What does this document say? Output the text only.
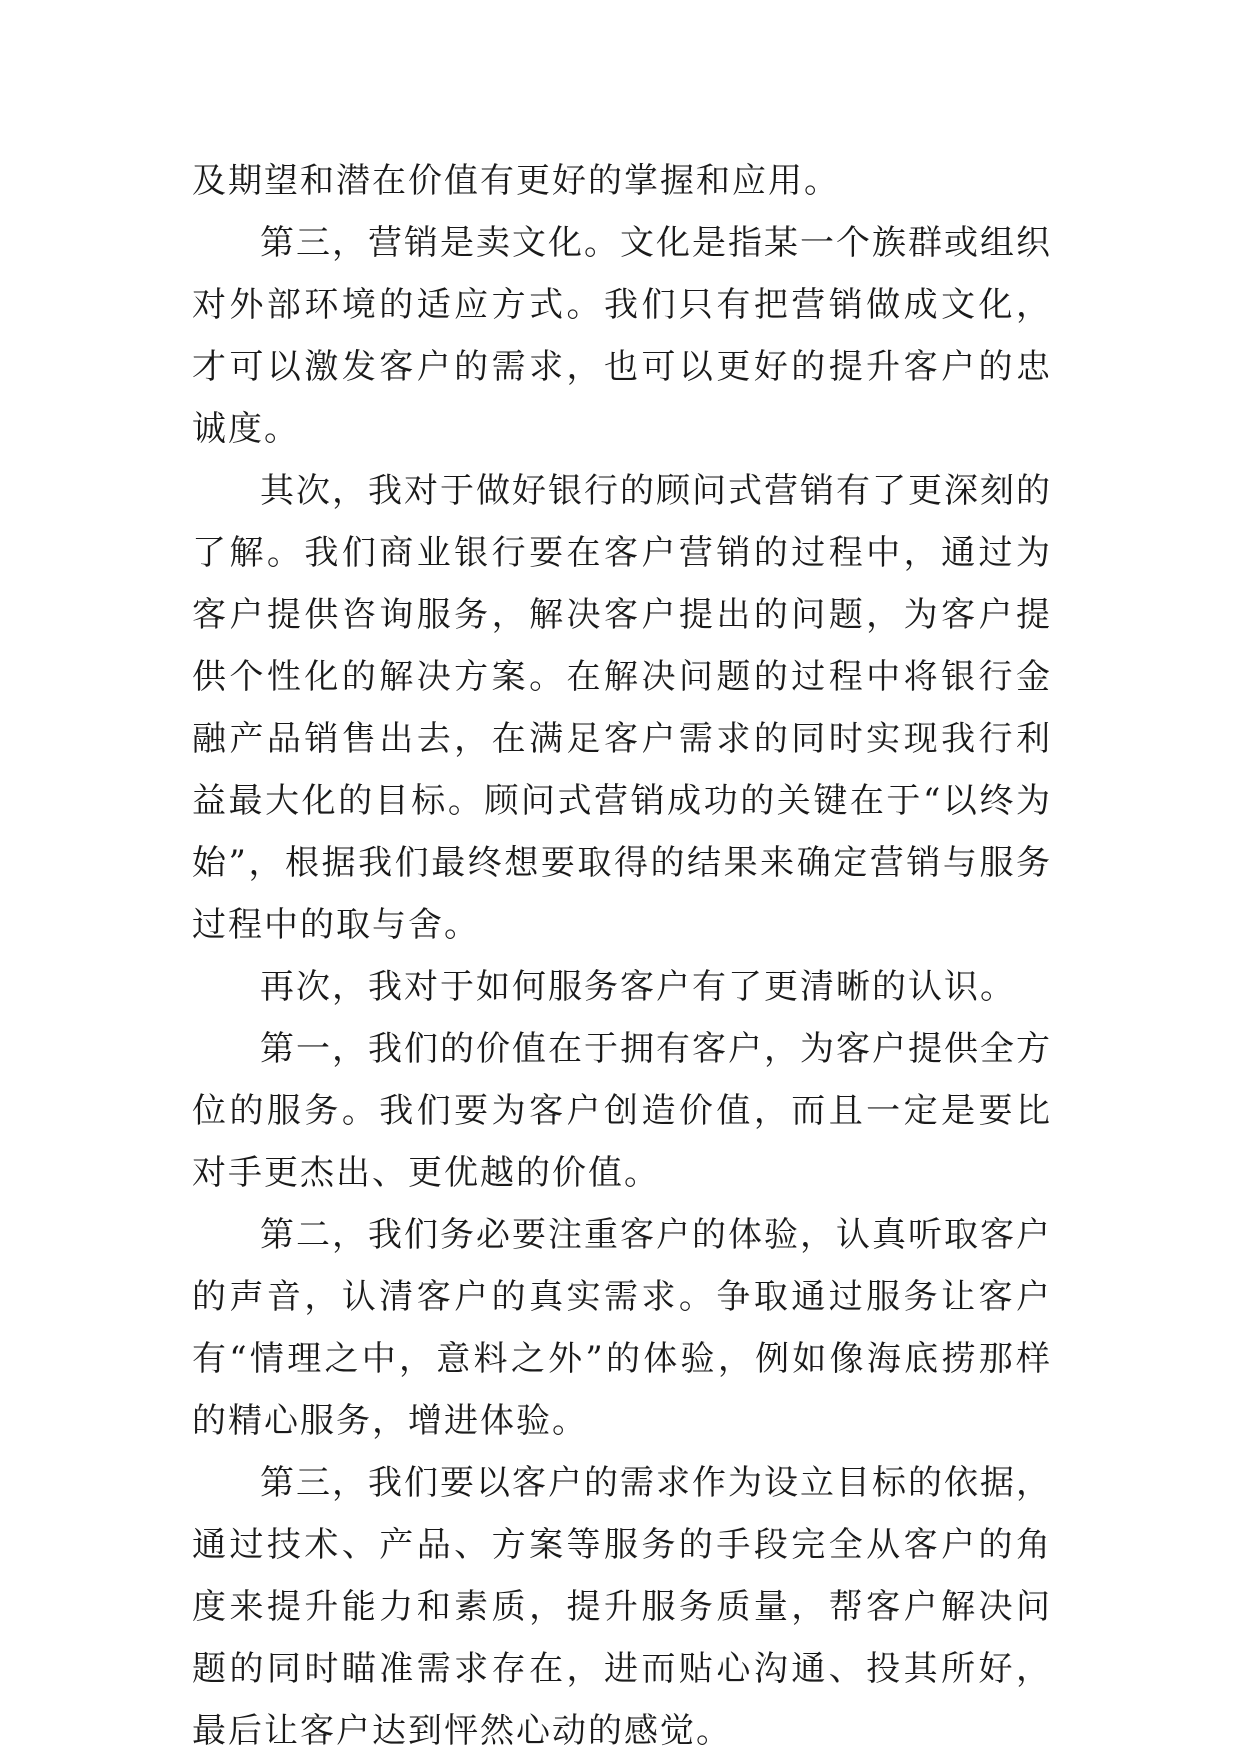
及期望和潜在价值有更好的掌握和应用。

第三，营销是卖文化。文化是指某一个族群或组织对外部环境的适应方式。我们只有把营销做成文化，才可以激发客户的需求，也可以更好的提升客户的忠诚度。

其次，我对于做好银行的顾问式营销有了更深刻的了解。我们商业银行要在客户营销的过程中，通过为客户提供咨询服务，解决客户提出的问题，为客户提供个性化的解决方案。在解决问题的过程中将银行金融产品销售出去，在满足客户需求的同时实现我行利益最大化的目标。顾问式营销成功的关键在于“以终为始”，根据我们最终想要取得的结果来确定营销与服务过程中的取与舍。

再次，我对于如何服务客户有了更清晰的认识。

第一，我们的价值在于拥有客户，为客户提供全方位的服务。我们要为客户创造价值，而且一定是要比对手更杰出、更优越的价值。

第二，我们务必要注重客户的体验，认真听取客户的声音，认清客户的真实需求。争取通过服务让客户有“情理之中，意料之外”的体验，例如像海底捞那样的精心服务，增进体验。

第三，我们要以客户的需求作为设立目标的依据，通过技术、产品、方案等服务的手段完全从客户的角度来提升能力和素质，提升服务质量，帮客户解决问题的同时瞄准需求存在，进而贴心沟通、投其所好，最后让客户达到怦然心动的感觉。
